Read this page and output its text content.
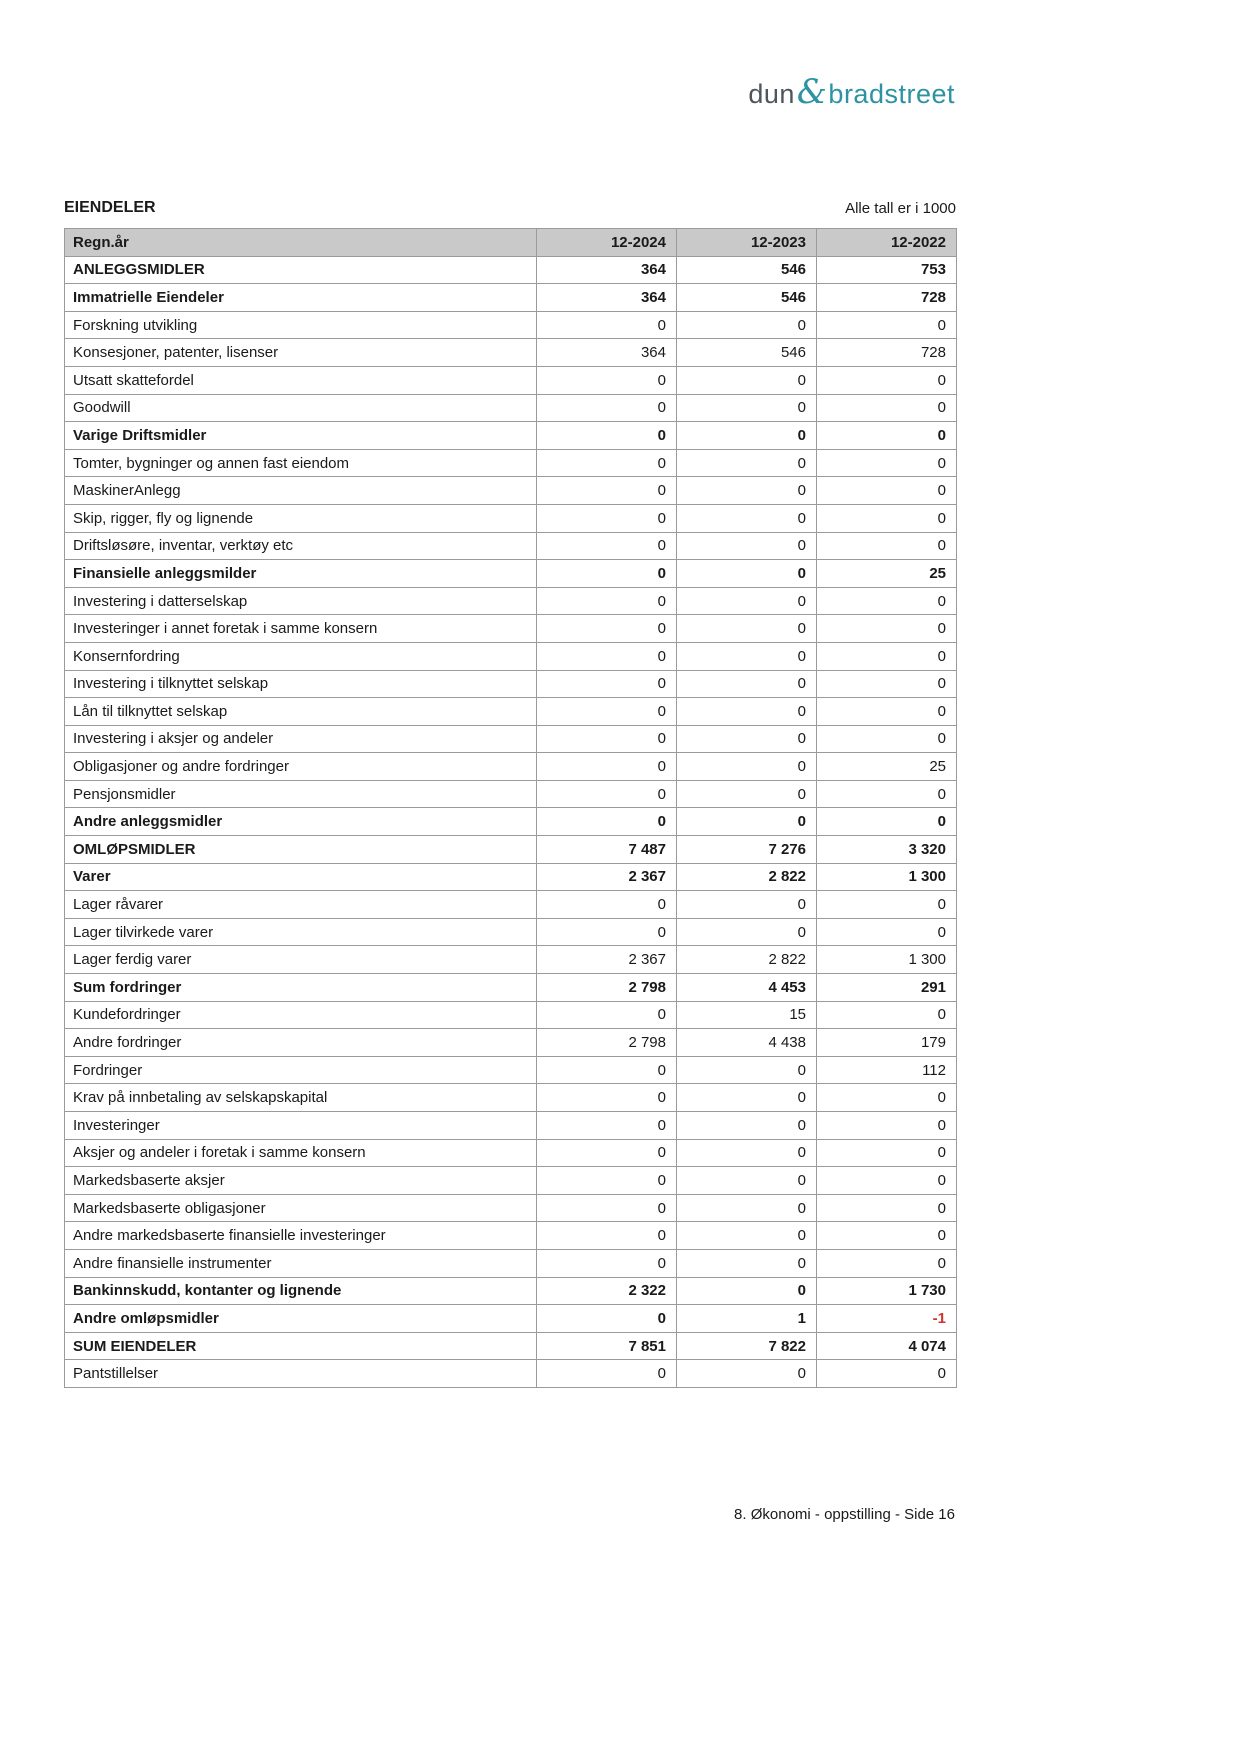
dun&bradstreet
EIENDELER	Alle tall er i 1000
Regn.år	12-2024	12-2023	12-2022
ANLEGGSMIDLER	364	546	753
Immatrielle Eiendeler	364	546	728
Forskning utvikling	0	0	0
Konsesjoner, patenter, lisenser	364	546	728
Utsatt skattefordel	0	0	0
Goodwill	0	0	0
Varige Driftsmidler	0	0	0
Tomter, bygninger og annen fast eiendom	0	0	0
MaskinerAnlegg	0	0	0
Skip, rigger, fly og lignende	0	0	0
Driftsløsøre, inventar, verktøy etc	0	0	0
Finansielle anleggsmilder	0	0	25
Investering i datterselskap	0	0	0
Investeringer i annet foretak i samme konsern	0	0	0
Konsernfordring	0	0	0
Investering i tilknyttet selskap	0	0	0
Lån til tilknyttet selskap	0	0	0
Investering i aksjer og andeler	0	0	0
Obligasjoner og andre fordringer	0	0	25
Pensjonsmidler	0	0	0
Andre anleggsmidler	0	0	0
OMLØPSMIDLER	7 487	7 276	3 320
Varer	2 367	2 822	1 300
Lager råvarer	0	0	0
Lager tilvirkede varer	0	0	0
Lager ferdig varer	2 367	2 822	1 300
Sum fordringer	2 798	4 453	291
Kundefordringer	0	15	0
Andre fordringer	2 798	4 438	179
Fordringer	0	0	112
Krav på innbetaling av selskapskapital	0	0	0
Investeringer	0	0	0
Aksjer og andeler i foretak i samme konsern	0	0	0
Markedsbaserte aksjer	0	0	0
Markedsbaserte obligasjoner	0	0	0
Andre markedsbaserte finansielle investeringer	0	0	0
Andre finansielle instrumenter	0	0	0
Bankinnskudd, kontanter og lignende	2 322	0	1 730
Andre omløpsmidler	0	1	-1
SUM EIENDELER	7 851	7 822	4 074
Pantstillelser	0	0	0
8. Økonomi - oppstilling - Side 16
